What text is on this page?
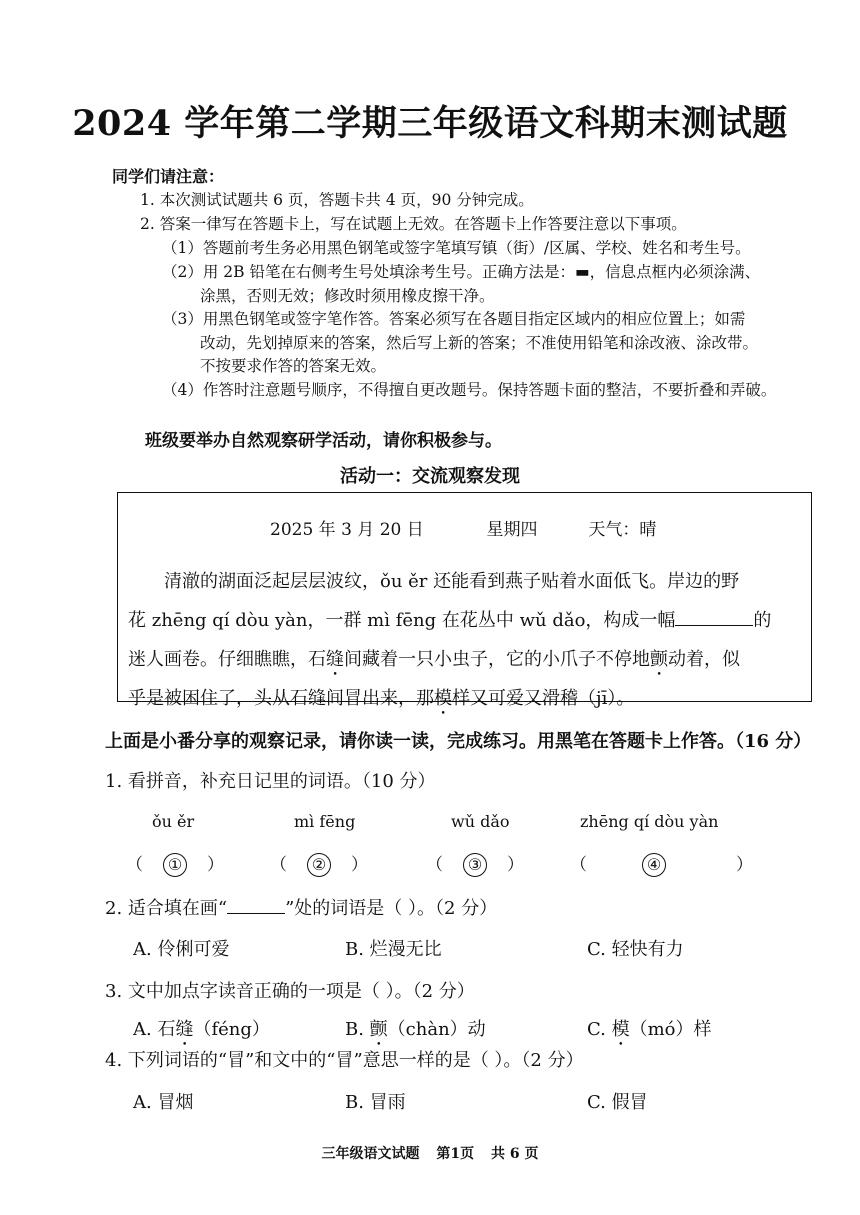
2024 学年第二学期三年级语文科期末测试题
同学们请注意：
1. 本次测试试题共 6 页，答题卡共 4 页，90 分钟完成。
2. 答案一律写在答题卡上，写在试题上无效。在答题卡上作答要注意以下事项。
（1）答题前考生务必用黑色钢笔或签字笔填写镇（街）/区属、学校、姓名和考生号。
（2）用 2B 铅笔在右侧考生号处填涂考生号。正确方法是：▬，信息点框内必须涂满、
涂黑，否则无效；修改时须用橡皮擦干净。
（3）用黑色钢笔或签字笔作答。答案必须写在各题目指定区域内的相应位置上；如需
改动，先划掉原来的答案，然后写上新的答案；不准使用铅笔和涂改液、涂改带。
不按要求作答的答案无效。
（4）作答时注意题号顺序，不得擅自更改题号。保持答题卡面的整洁，不要折叠和弄破。
班级要举办自然观察研学活动，请你积极参与。
活动一：交流观察发现
2025 年 3 月 20 日	星期四	天气：晴
清澈的湖面泛起层层波纹，ǒu ěr 还能看到燕子贴着水面低飞。岸边的野
花 zhēng qí dòu yàn，一群 mì fēng 在花丛中 wǔ dǎo，构成一幅	的
迷人画卷。仔细瞧瞧，石缝间藏着一只小虫子，它的小爪子不停地颤动着，似
乎是被困住了，头从石缝间冒出来，那模样又可爱又滑稽（jī）。
上面是小番分享的观察记录，请你读一读，完成练习。用黑笔在答题卡上作答。（16 分）
1. 看拼音，补充日记里的词语。（10 分）
ǒu ěr	mì fēng	wǔ dǎo	zhēng qí dòu yàn
（ ① ）	（ ② ）	（ ③ ）	（	④	）
2. 适合填在画“	”处的词语是（ ）。（2 分）
A. 伶俐可爱	B. 烂漫无比	C. 轻快有力
3. 文中加点字读音正确的一项是（ ）。（2 分）
A. 石缝（féng）	B. 颤（chàn）动	C. 模（mó）样
4. 下列词语的“冒”和文中的“冒”意思一样的是（ ）。（2 分）
A. 冒烟	B. 冒雨	C. 假冒
三年级语文试题 第1页 共 6 页
